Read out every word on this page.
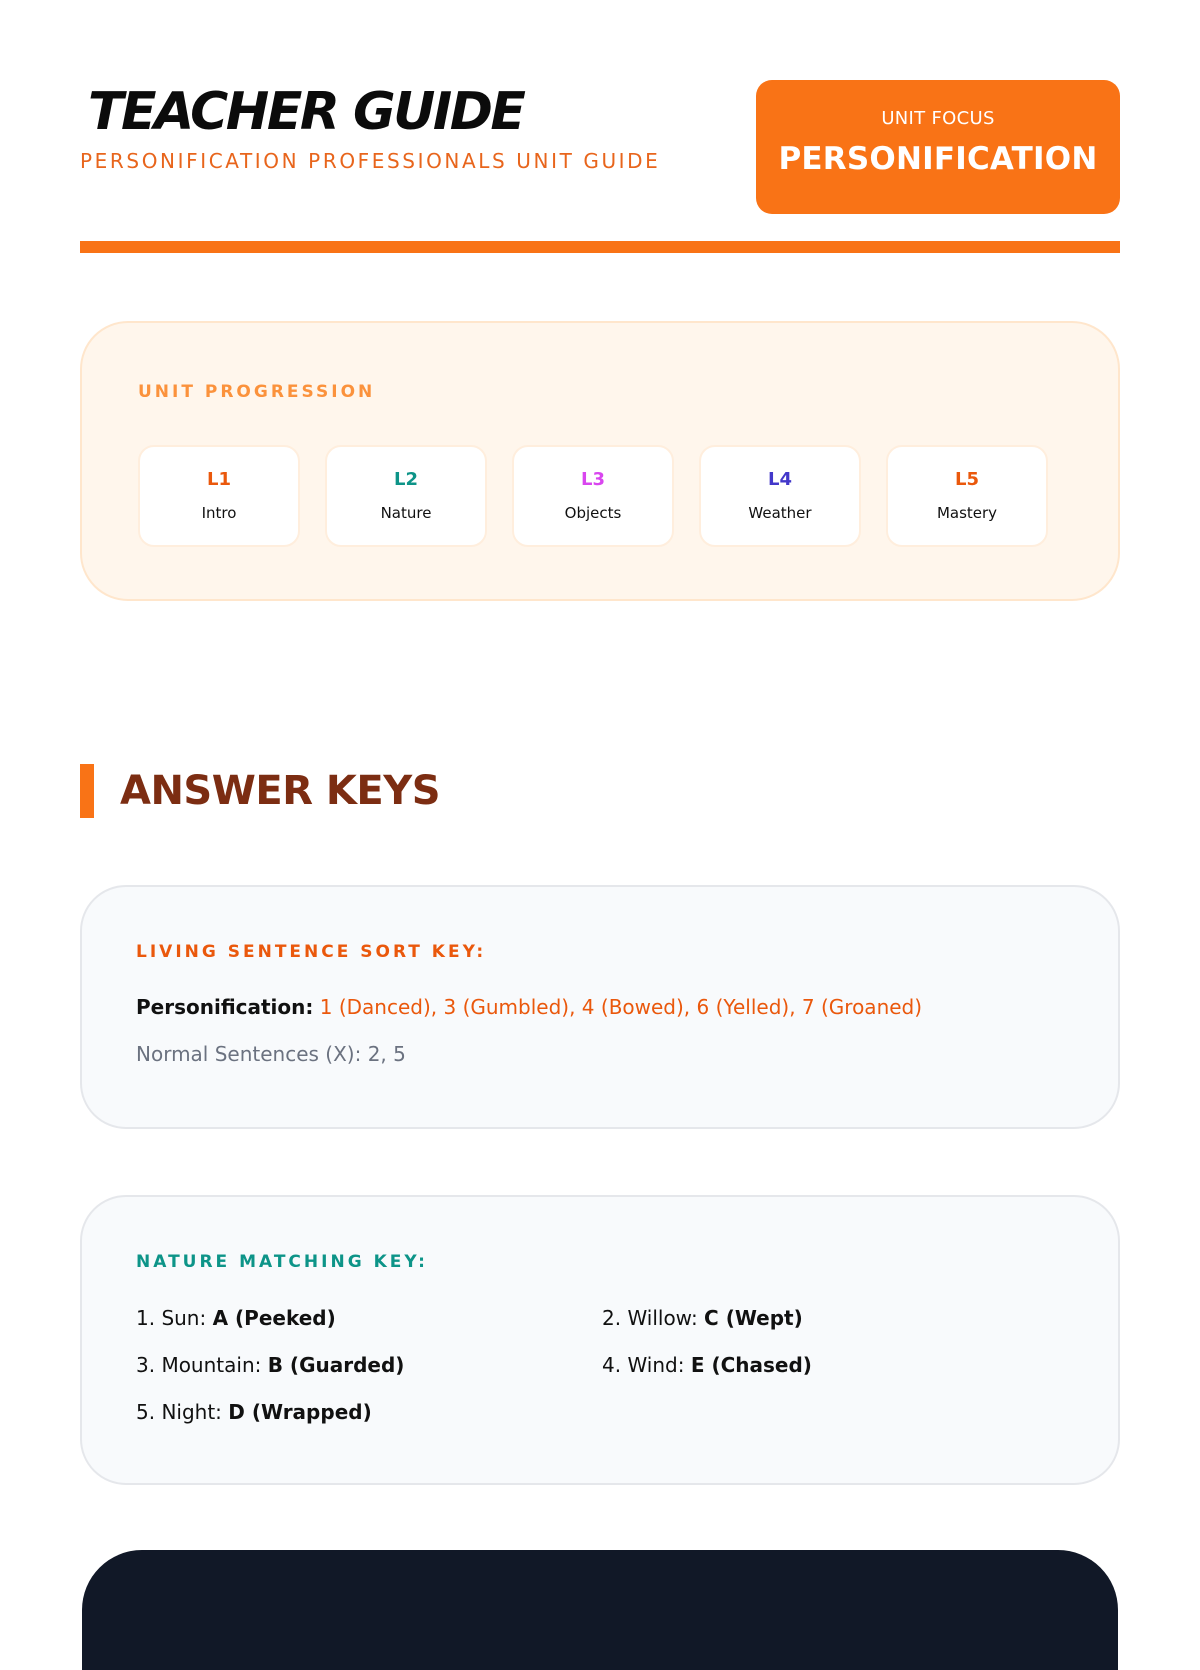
TEACHER GUIDE
PERSONIFICATION PROFESSIONALS UNIT GUIDE
UNIT FOCUS
PERSONIFICATION
UNIT PROGRESSION
L1
Intro
L2
Nature
L3
Objects
L4
Weather
L5
Mastery
ANSWER KEYS
LIVING SENTENCE SORT KEY:
Personification: 1 (Danced), 3 (Gumbled), 4 (Bowed), 6 (Yelled), 7 (Groaned)
Normal Sentences (X): 2, 5
NATURE MATCHING KEY:
1. Sun: A (Peeked)	2. Willow: C (Wept)
3. Mountain: B (Guarded)	4. Wind: E (Chased)
5. Night: D (Wrapped)
